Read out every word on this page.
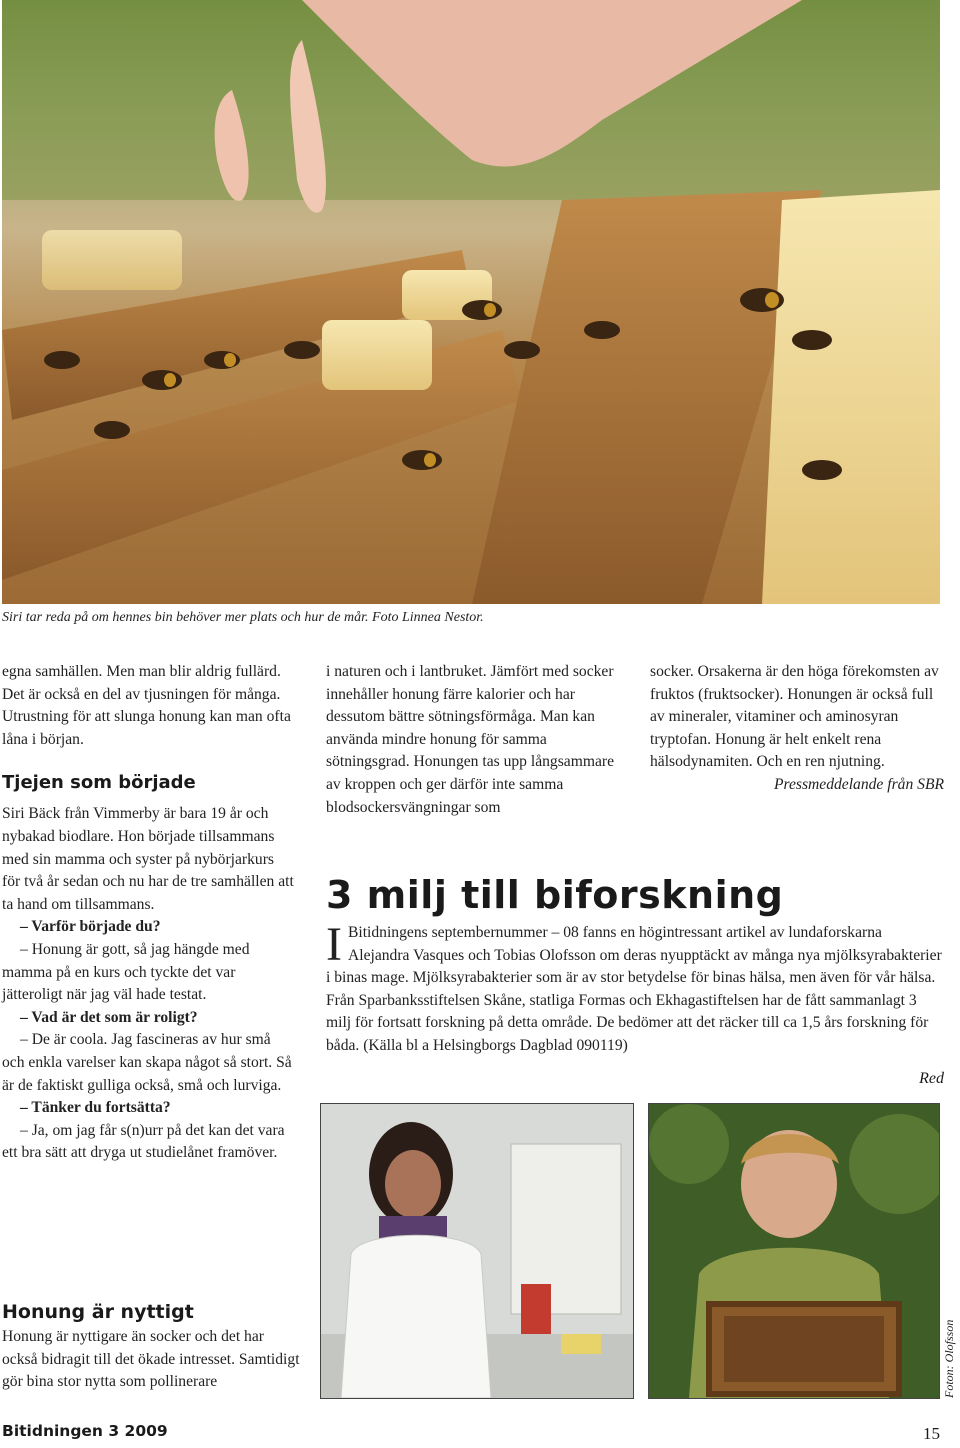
Siri tar reda på om hennes bin behöver mer plats och hur de mår. Foto Linnea Nestor.

egna samhällen. Men man blir aldrig fullärd. Det är också en del av tjusningen för många. Utrustning för att slunga honung kan man ofta låna i början.

Tjejen som började

Siri Bäck från Vimmerby är bara 19 år och nybakad biodlare. Hon började tillsammans med sin mamma och syster på nybörjarkurs för två år sedan och nu har de tre samhällen att ta hand om tillsammans.

– Varför började du?

– Honung är gott, så jag hängde med mamma på en kurs och tyckte det var jätteroligt när jag väl hade testat.

– Vad är det som är roligt?

– De är coola. Jag fascineras av hur små och enkla varelser kan skapa något så stort. Så är de faktiskt gulliga också, små och lurviga.

– Tänker du fortsätta?

– Ja, om jag får s(n)urr på det kan det vara ett bra sätt att dryga ut studielånet framöver.

Honung är nyttigt
Honung är nyttigare än socker och det har också bidragit till det ökade intresset. Samtidigt gör bina stor nytta som pollinerare

i naturen och i lantbruket. Jämfört med socker innehåller honung färre kalorier och har dessutom bättre sötningsförmåga. Man kan använda mindre honung för samma sötningsgrad. Honungen tas upp långsammare av kroppen och ger därför inte samma blodsockersvängningar som

socker. Orsakerna är den höga förekomsten av fruktos (fruktsocker). Honungen är också full av mineraler, vitaminer och aminosyran tryptofan. Honung är helt enkelt rena hälsodynamiten. Och en ren njutning.

Pressmeddelande från SBR

3 milj till biforskning
I Bitidningens septembernummer – 08 fanns en högintressant artikel av lundaforskarna Alejandra Vasques och Tobias Olofsson om deras nyupptäckt av många nya mjölksyrabakterier i binas mage. Mjölksyrabakterier som är av stor betydelse för binas hälsa, men även för vår hälsa. Från Sparbanksstiftelsen Skåne, statliga Formas och Ekhagastiftelsen har de fått sammanlagt 3 milj för fortsatt forskning på detta område. De bedömer att det räcker till ca 1,5 års forskning för båda. (Källa bl a Helsingborgs Dagblad 090119)
Red
Foton: Olofsson
Bitidningen 3 2009	15
